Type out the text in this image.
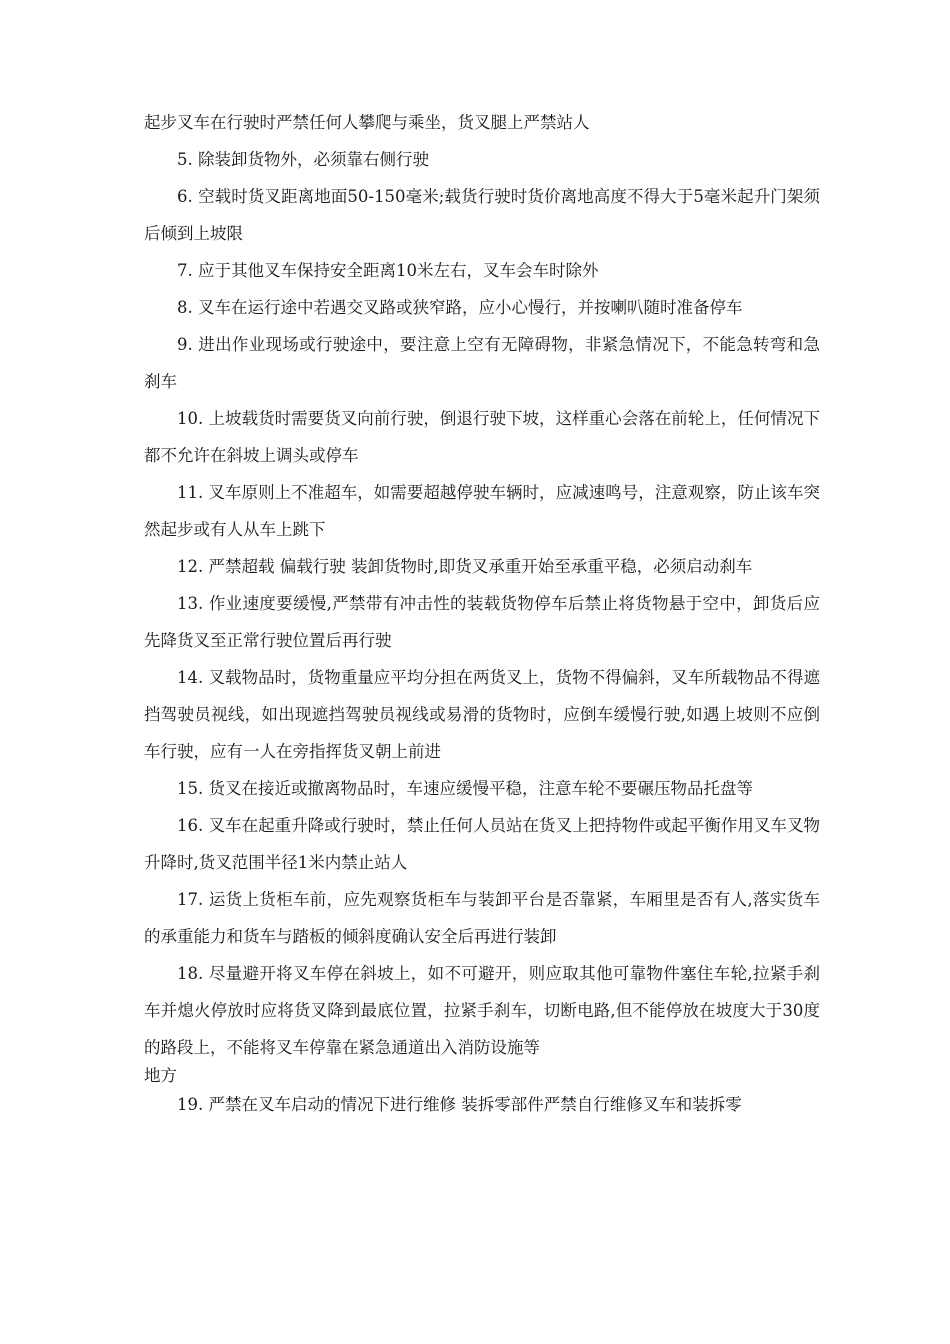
起步叉车在行驶时严禁任何人攀爬与乘坐，货叉腿上严禁站人

5. 除装卸货物外，必须靠右侧行驶

6. 空载时货叉距离地面50-150毫米;载货行驶时货价离地高度不得大于5毫米起升门架须后倾到上坡限

7. 应于其他叉车保持安全距离10米左右，叉车会车时除外

8. 叉车在运行途中若遇交叉路或狭窄路，应小心慢行，并按喇叭随时准备停车

9. 进出作业现场或行驶途中，要注意上空有无障碍物，非紧急情况下，不能急转弯和急刹车

10. 上坡载货时需要货叉向前行驶，倒退行驶下坡，这样重心会落在前轮上，任何情况下都不允许在斜坡上调头或停车

11. 叉车原则上不准超车，如需要超越停驶车辆时，应减速鸣号，注意观察，防止该车突然起步或有人从车上跳下

12. 严禁超载 偏载行驶 装卸货物时,即货叉承重开始至承重平稳，必须启动刹车

13. 作业速度要缓慢,严禁带有冲击性的装载货物停车后禁止将货物悬于空中，卸货后应先降货叉至正常行驶位置后再行驶

14. 叉载物品时，货物重量应平均分担在两货叉上，货物不得偏斜，叉车所载物品不得遮挡驾驶员视线，如出现遮挡驾驶员视线或易滑的货物时，应倒车缓慢行驶,如遇上坡则不应倒车行驶，应有一人在旁指挥货叉朝上前进

15. 货叉在接近或撤离物品时，车速应缓慢平稳，注意车轮不要碾压物品托盘等

16. 叉车在起重升降或行驶时，禁止任何人员站在货叉上把持物件或起平衡作用叉车叉物升降时,货叉范围半径1米内禁止站人

17. 运货上货柜车前，应先观察货柜车与装卸平台是否靠紧，车厢里是否有人,落实货车的承重能力和货车与踏板的倾斜度确认安全后再进行装卸

18. 尽量避开将叉车停在斜坡上，如不可避开，则应取其他可靠物件塞住车轮,拉紧手刹车并熄火停放时应将货叉降到最底位置，拉紧手刹车，切断电路,但不能停放在坡度大于30度的路段上，不能将叉车停靠在紧急通道出入消防设施等

地方

19. 严禁在叉车启动的情况下进行维修 装拆零部件严禁自行维修叉车和装拆零
